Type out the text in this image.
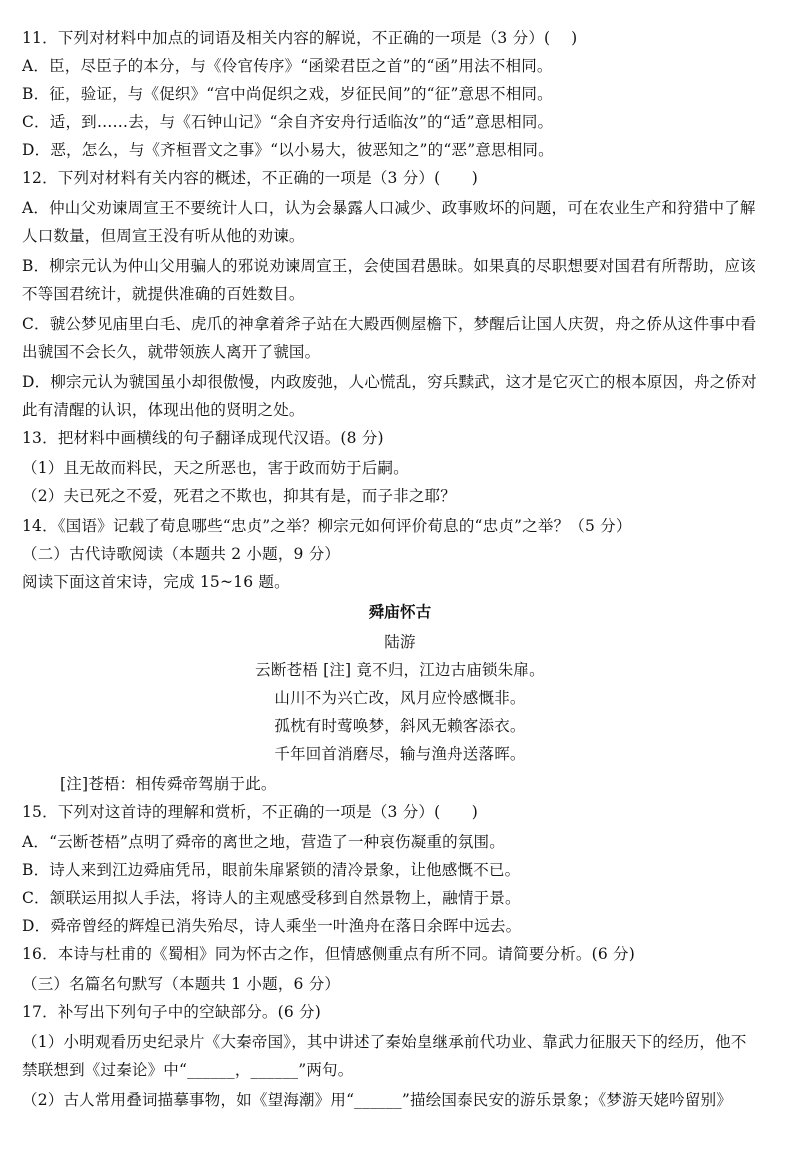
11．下列对材料中加点的词语及相关内容的解说，不正确的一项是（3 分）(　 )
A．臣，尽臣子的本分，与《伶官传序》“函梁君臣之首”的“函”用法不相同。
B．征，验证，与《促织》“宫中尚促织之戏，岁征民间”的“征”意思不相同。
C．适，到……去，与《石钟山记》“余自齐安舟行适临汝”的“适”意思相同。
D．恶，怎么，与《齐桓晋文之事》“以小易大，彼恶知之”的“恶”意思相同。
12．下列对材料有关内容的概述，不正确的一项是（3 分）(　　)
A．仲山父劝谏周宣王不要统计人口，认为会暴露人口减少、政事败坏的问题，可在农业生产和狩猎中了解
人口数量，但周宣王没有听从他的劝谏。
B．柳宗元认为仲山父用骗人的邪说劝谏周宣王，会使国君愚昧。如果真的尽职想要对国君有所帮助，应该
不等国君统计，就提供准确的百姓数目。
C．虢公梦见庙里白毛、虎爪的神拿着斧子站在大殿西侧屋檐下，梦醒后让国人庆贺，舟之侨从这件事中看
出虢国不会长久，就带领族人离开了虢国。
D．柳宗元认为虢国虽小却很傲慢，内政废弛，人心慌乱，穷兵黩武，这才是它灭亡的根本原因，舟之侨对
此有清醒的认识，体现出他的贤明之处。
13．把材料中画横线的句子翻译成现代汉语。(8 分)
（1）且无故而料民，天之所恶也，害于政而妨于后嗣。
（2）夫已死之不爱，死君之不欺也，抑其有是，而子非之耶？
14．《国语》记载了荀息哪些“忠贞”之举？柳宗元如何评价荀息的“忠贞”之举？（5 分）
（二）古代诗歌阅读（本题共 2 小题，9 分）
阅读下面这首宋诗，完成 15~16 题。
舜庙怀古
陆游
云断苍梧 [注] 竟不归，江边古庙锁朱扉。
山川不为兴亡改，风月应怜感慨非。
孤枕有时莺唤梦，斜风无赖客添衣。
千年回首消磨尽，输与渔舟送落晖。
[注]苍梧：相传舜帝驾崩于此。
15．下列对这首诗的理解和赏析，不正确的一项是（3 分）(　　)
A．“云断苍梧”点明了舜帝的离世之地，营造了一种哀伤凝重的氛围。
B．诗人来到江边舜庙凭吊，眼前朱扉紧锁的清冷景象，让他感慨不已。
C．颔联运用拟人手法，将诗人的主观感受移到自然景物上，融情于景。
D．舜帝曾经的辉煌已消失殆尽，诗人乘坐一叶渔舟在落日余晖中远去。
16．本诗与杜甫的《蜀相》同为怀古之作，但情感侧重点有所不同。请简要分析。(6 分)
（三）名篇名句默写（本题共 1 小题，6 分）
17．补写出下列句子中的空缺部分。(6 分)
（1）小明观看历史纪录片《大秦帝国》，其中讲述了秦始皇继承前代功业、靠武力征服天下的经历，他不
禁联想到《过秦论》中“______，______”两句。
（2）古人常用叠词描摹事物，如《望海潮》用“______”描绘国泰民安的游乐景象；《梦游天姥吟留别》
